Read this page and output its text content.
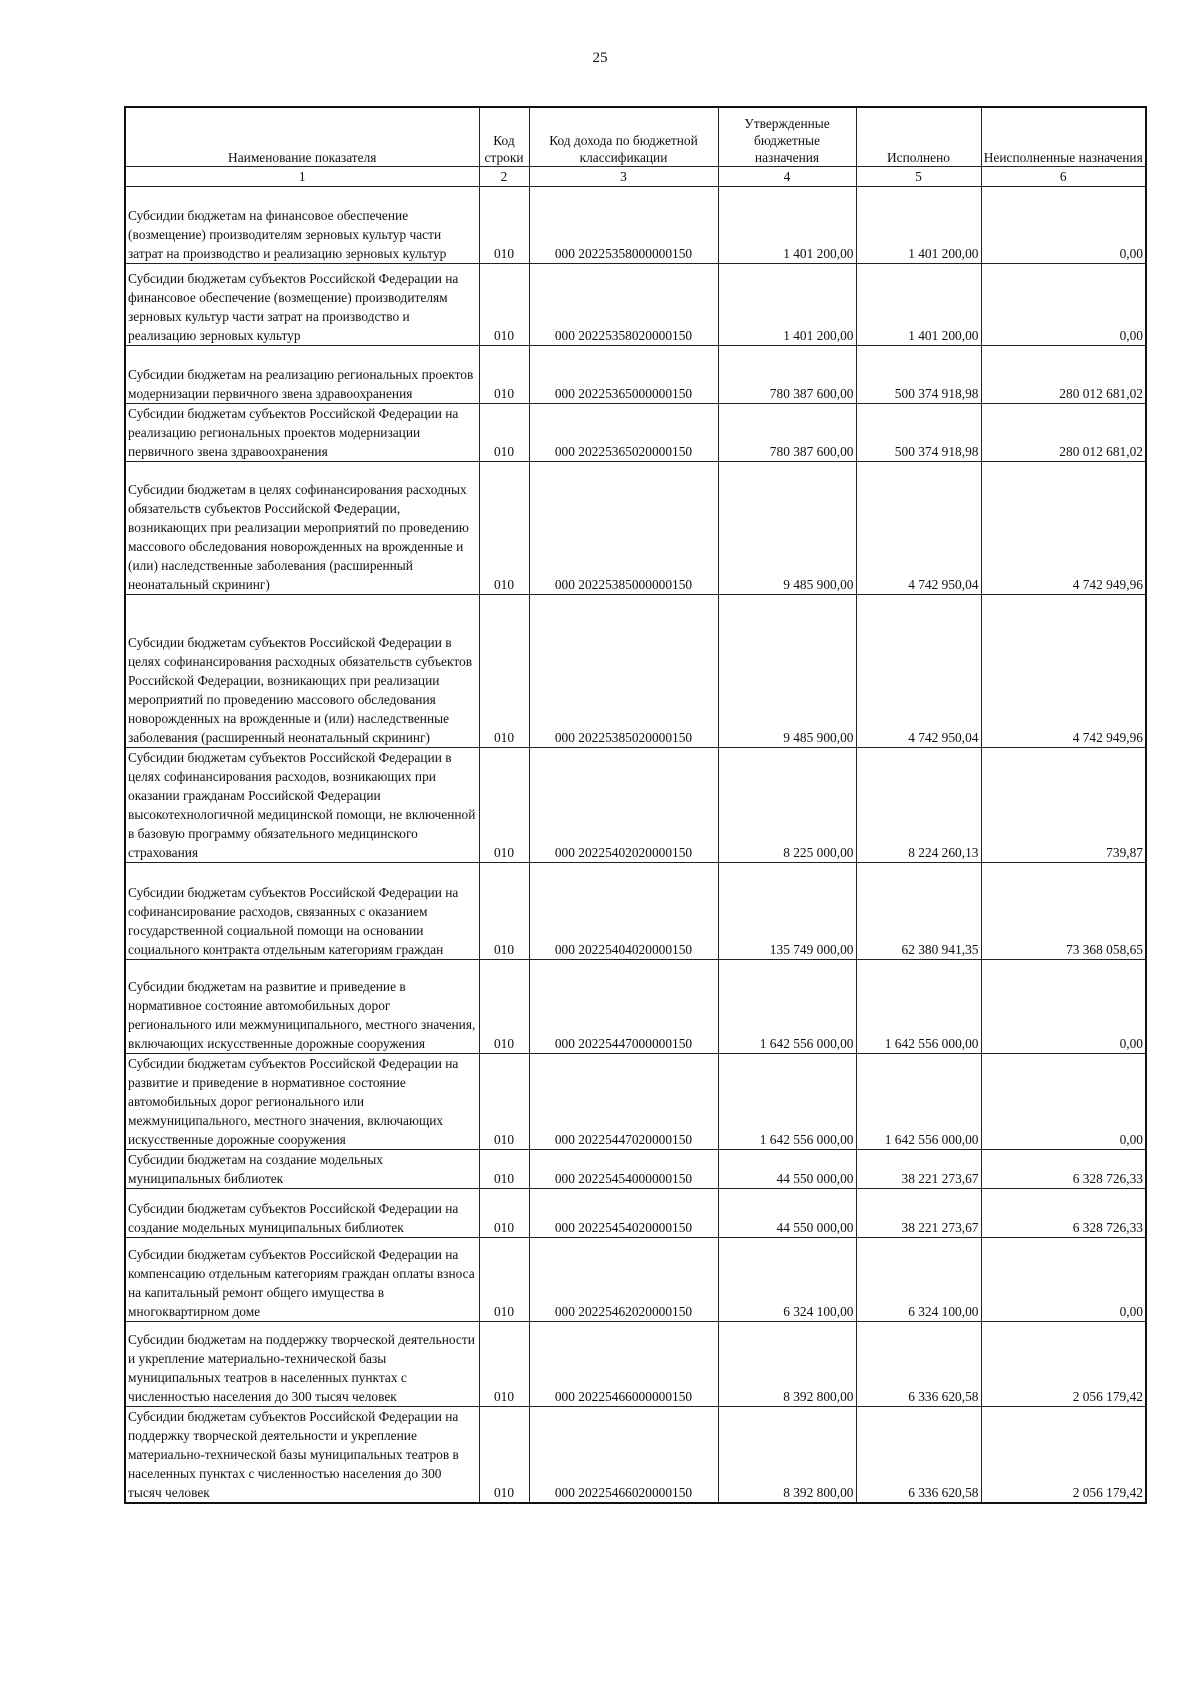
25
Наименование показателя	Код строки	Код дохода по бюджетной классификации	Утвержденные бюджетные назначения	Исполнено	Неисполненные назначения
1	2	3	4	5	6
Субсидии бюджетам на финансовое обеспечение (возмещение) производителям зерновых культур части затрат на производство и реализацию зерновых культур	010	000 20225358000000150	1 401 200,00	1 401 200,00	0,00
Субсидии бюджетам субъектов Российской Федерации на финансовое обеспечение (возмещение) производителям зерновых культур части затрат на производство и реализацию зерновых культур	010	000 20225358020000150	1 401 200,00	1 401 200,00	0,00
Субсидии бюджетам на реализацию региональных проектов модернизации первичного звена здравоохранения	010	000 20225365000000150	780 387 600,00	500 374 918,98	280 012 681,02
Субсидии бюджетам субъектов Российской Федерации на реализацию региональных проектов модернизации первичного звена здравоохранения	010	000 20225365020000150	780 387 600,00	500 374 918,98	280 012 681,02
Субсидии бюджетам в целях софинансирования расходных обязательств субъектов Российской Федерации, возникающих при реализации мероприятий по проведению массового обследования новорожденных на врожденные и (или) наследственные заболевания (расширенный неонатальный скрининг)	010	000 20225385000000150	9 485 900,00	4 742 950,04	4 742 949,96
Субсидии бюджетам субъектов Российской Федерации в целях софинансирования расходных обязательств субъектов Российской Федерации, возникающих при реализации мероприятий по проведению массового обследования новорожденных на врожденные и (или) наследственные заболевания (расширенный неонатальный скрининг)	010	000 20225385020000150	9 485 900,00	4 742 950,04	4 742 949,96
Субсидии бюджетам субъектов Российской Федерации в целях софинансирования расходов, возникающих при оказании гражданам Российской Федерации высокотехнологичной медицинской помощи, не включенной в базовую программу обязательного медицинского страхования	010	000 20225402020000150	8 225 000,00	8 224 260,13	739,87
Субсидии бюджетам субъектов Российской Федерации на софинансирование расходов, связанных с оказанием государственной социальной помощи на основании социального контракта отдельным категориям граждан	010	000 20225404020000150	135 749 000,00	62 380 941,35	73 368 058,65
Субсидии бюджетам на развитие и приведение в нормативное состояние автомобильных дорог регионального или межмуниципального, местного значения, включающих искусственные дорожные сооружения	010	000 20225447000000150	1 642 556 000,00	1 642 556 000,00	0,00
Субсидии бюджетам субъектов Российской Федерации на развитие и приведение в нормативное состояние автомобильных дорог регионального или межмуниципального, местного значения, включающих искусственные дорожные сооружения	010	000 20225447020000150	1 642 556 000,00	1 642 556 000,00	0,00
Субсидии бюджетам на создание модельных муниципальных библиотек	010	000 20225454000000150	44 550 000,00	38 221 273,67	6 328 726,33
Субсидии бюджетам субъектов Российской Федерации на создание модельных муниципальных библиотек	010	000 20225454020000150	44 550 000,00	38 221 273,67	6 328 726,33
Субсидии бюджетам субъектов Российской Федерации на компенсацию отдельным категориям граждан оплаты взноса на капитальный ремонт общего имущества в многоквартирном доме	010	000 20225462020000150	6 324 100,00	6 324 100,00	0,00
Субсидии бюджетам на поддержку творческой деятельности и укрепление материально-технической базы муниципальных театров в населенных пунктах с численностью населения до 300 тысяч человек	010	000 20225466000000150	8 392 800,00	6 336 620,58	2 056 179,42
Субсидии бюджетам субъектов Российской Федерации на поддержку творческой деятельности и укрепление материально-технической базы муниципальных театров в населенных пунктах с численностью населения до 300 тысяч человек	010	000 20225466020000150	8 392 800,00	6 336 620,58	2 056 179,42
